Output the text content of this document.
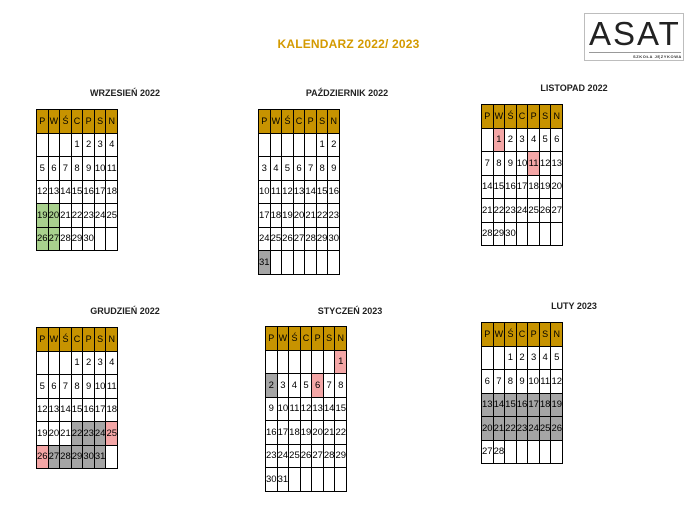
KALENDARZ 2022/ 2023	ASAT
SZKOŁA JĘZYKOWA
WRZESIEŃ 2022
P	W	Ś	C	P	S	N
			1	2	3	4
5	6	7	8	9	10	11
12	13	14	15	16	17	18
19	20	21	22	23	24	25
26	27	28	29	30		
PAŹDZIERNIK 2022
P	W	Ś	C	P	S	N
					1	2
3	4	5	6	7	8	9
10	11	12	13	14	15	16
17	18	19	20	21	22	23
24	25	26	27	28	29	30
31						
LISTOPAD 2022
P	W	Ś	C	P	S	N
	1	2	3	4	5	6
7	8	9	10	11	12	13
14	15	16	17	18	19	20
21	22	23	24	25	26	27
28	29	30				
GRUDZIEŃ 2022
P	W	Ś	C	P	S	N
			1	2	3	4
5	6	7	8	9	10	11
12	13	14	15	16	17	18
19	20	21	22	23	24	25
26	27	28	29	30	31	
STYCZEŃ 2023
P	W	Ś	C	P	S	N
						1
2	3	4	5	6	7	8
9	10	11	12	13	14	15
16	17	18	19	20	21	22
23	24	25	26	27	28	29
30	31					
LUTY 2023
P	W	Ś	C	P	S	N
		1	2	3	4	5
6	7	8	9	10	11	12
13	14	15	16	17	18	19
20	21	22	23	24	25	26
27	28					
